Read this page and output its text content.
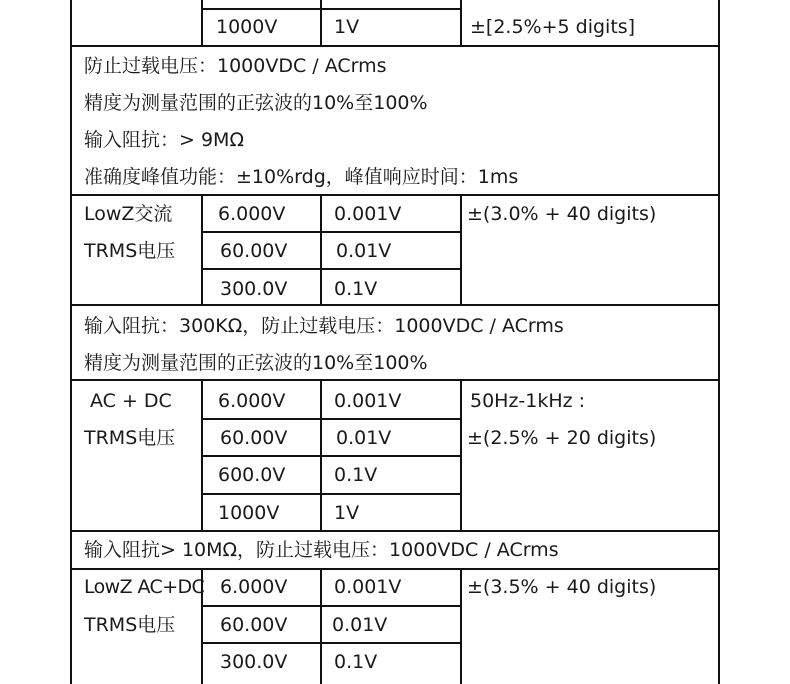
1000V	1V	±[2.5%+5 digits]
防止过载电压：1000VDC / ACrms
精度为测量范围的正弦波的10%至100%
输入阻抗：> 9MΩ
准确度峰值功能：±10%rdg，峰值响应时间：1ms
LowZ交流
TRMS电压
6.000V	0.001V
60.00V	0.01V
300.0V 0.1V
±(3.0% + 40 digits)
输入阻抗：300KΩ，防止过载电压：1000VDC / ACrms
精度为测量范围的正弦波的10%至100%
AC + DC
TRMS电压
6.000V	0.001V
60.00V	0.01V
600.0V	0.1V
1000V	1V
50Hz-1kHz :
±(2.5% + 20 digits)
输入阻抗> 10MΩ，防止过载电压：1000VDC / ACrms
LowZ AC+DC
TRMS电压
6.000V 0.001V
60.00V 0.01V
300.0V 0.1V
±(3.5% + 40 digits)
